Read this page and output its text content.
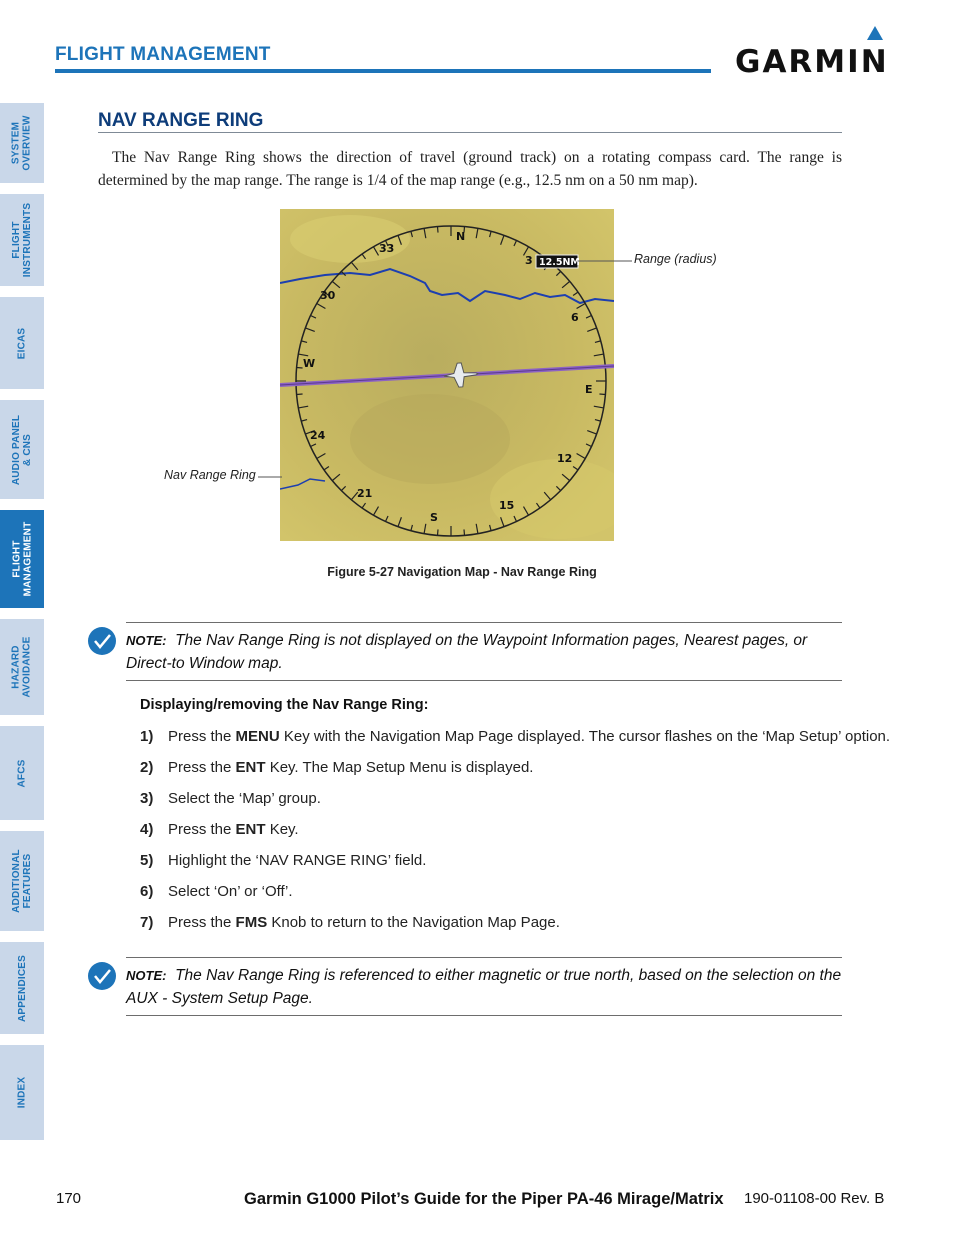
FLIGHT MANAGEMENT	GARMIN
SYSTEM
OVERVIEW
FLIGHT
INSTRUMENTS
EICAS
AUDIO PANEL
& CNS
FLIGHT
MANAGEMENT
HAZARD
AVOIDANCE
AFCS
ADDITIONAL
FEATURES
APPENDICES
INDEX
NAV RANGE RING
The Nav Range Ring shows the direction of travel (ground track) on a rotating compass card. The range is determined by the map range. The range is 1/4 of the map range (e.g., 12.5 nm on a 50 nm map).
N
3
6
E
12
15
S
21
24
W
30
33
12.5NM	Range (radius)
Nav Range Ring
Figure 5-27 Navigation Map - Nav Range Ring
NOTE: The Nav Range Ring is not displayed on the Waypoint Information pages, Nearest pages, or Direct-to Window map.
Displaying/removing the Nav Range Ring:
1) Press the MENU Key with the Navigation Map Page displayed. The cursor flashes on the ‘Map Setup’ option.
2) Press the ENT Key. The Map Setup Menu is displayed.
3) Select the ‘Map’ group.
4) Press the ENT Key.
5) Highlight the ‘NAV RANGE RING’ field.
6) Select ‘On’ or ‘Off’.
7) Press the FMS Knob to return to the Navigation Map Page.
NOTE: The Nav Range Ring is referenced to either magnetic or true north, based on the selection on the AUX - System Setup Page.
170	Garmin G1000 Pilot’s Guide for the Piper PA-46 Mirage/Matrix 190-01108-00 Rev. B
